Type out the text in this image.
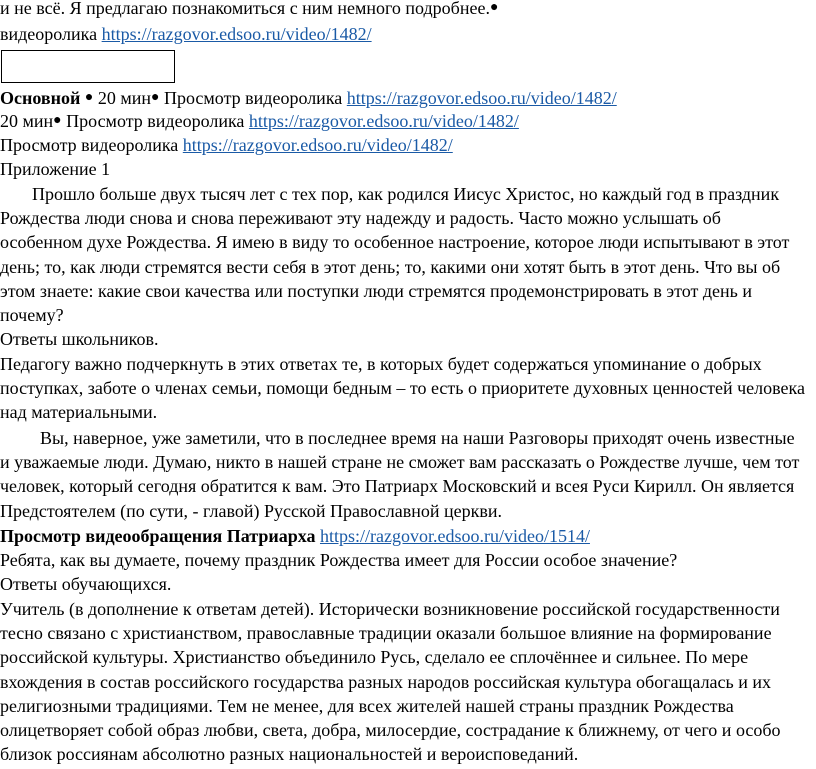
и не всё. Я предлагаю познакомиться с ним немного подробнее.●
видеоролика https://razgovor.edsoo.ru/video/1482/
Основной ● 20 мин● Просмотр видеоролика https://razgovor.edsoo.ru/video/1482/
20 мин● Просмотр видеоролика https://razgovor.edsoo.ru/video/1482/
Просмотр видеоролика https://razgovor.edsoo.ru/video/1482/
Приложение 1
Прошло больше двух тысяч лет с тех пор, как родился Иисус Христос, но каждый год в праздник Рождества люди снова и снова переживают эту надежду и радость. Часто можно услышать об особенном духе Рождества. Я имею в виду то особенное настроение, которое люди испытывают в этот день; то, как люди стремятся вести себя в этот день; то, какими они хотят быть в этот день. Что вы об этом знаете: какие свои качества или поступки люди стремятся продемонстрировать в этот день и почему?
Ответы школьников.
Педагогу важно подчеркнуть в этих ответах те, в которых будет содержаться упоминание о добрых поступках, заботе о членах семьи, помощи бедным – то есть о приоритете духовных ценностей человека над материальными.
Вы, наверное, уже заметили, что в последнее время на наши Разговоры приходят очень известные и уважаемые люди. Думаю, никто в нашей стране не сможет вам рассказать о Рождестве лучше, чем тот человек, который сегодня обратится к вам. Это Патриарх Московский и всея Руси Кирилл. Он является Предстоятелем (по сути, - главой) Русской Православной церкви.
Просмотр видеообращения Патриарха https://razgovor.edsoo.ru/video/1514/
Ребята, как вы думаете, почему праздник Рождества имеет для России особое значение?
Ответы обучающихся.
Учитель (в дополнение к ответам детей). Исторически возникновение российской государственности тесно связано с христианством, православные традиции оказали большое влияние на формирование российской культуры. Христианство объединило Русь, сделало ее сплочённее и сильнее. По мере вхождения в состав российского государства разных народов российская культура обогащалась и их религиозными традициями. Тем не менее, для всех жителей нашей страны праздник Рождества олицетворяет собой образ любви, света, добра, милосердие, сострадание к ближнему, от чего и особо близок россиянам абсолютно разных национальностей и вероисповеданий.
